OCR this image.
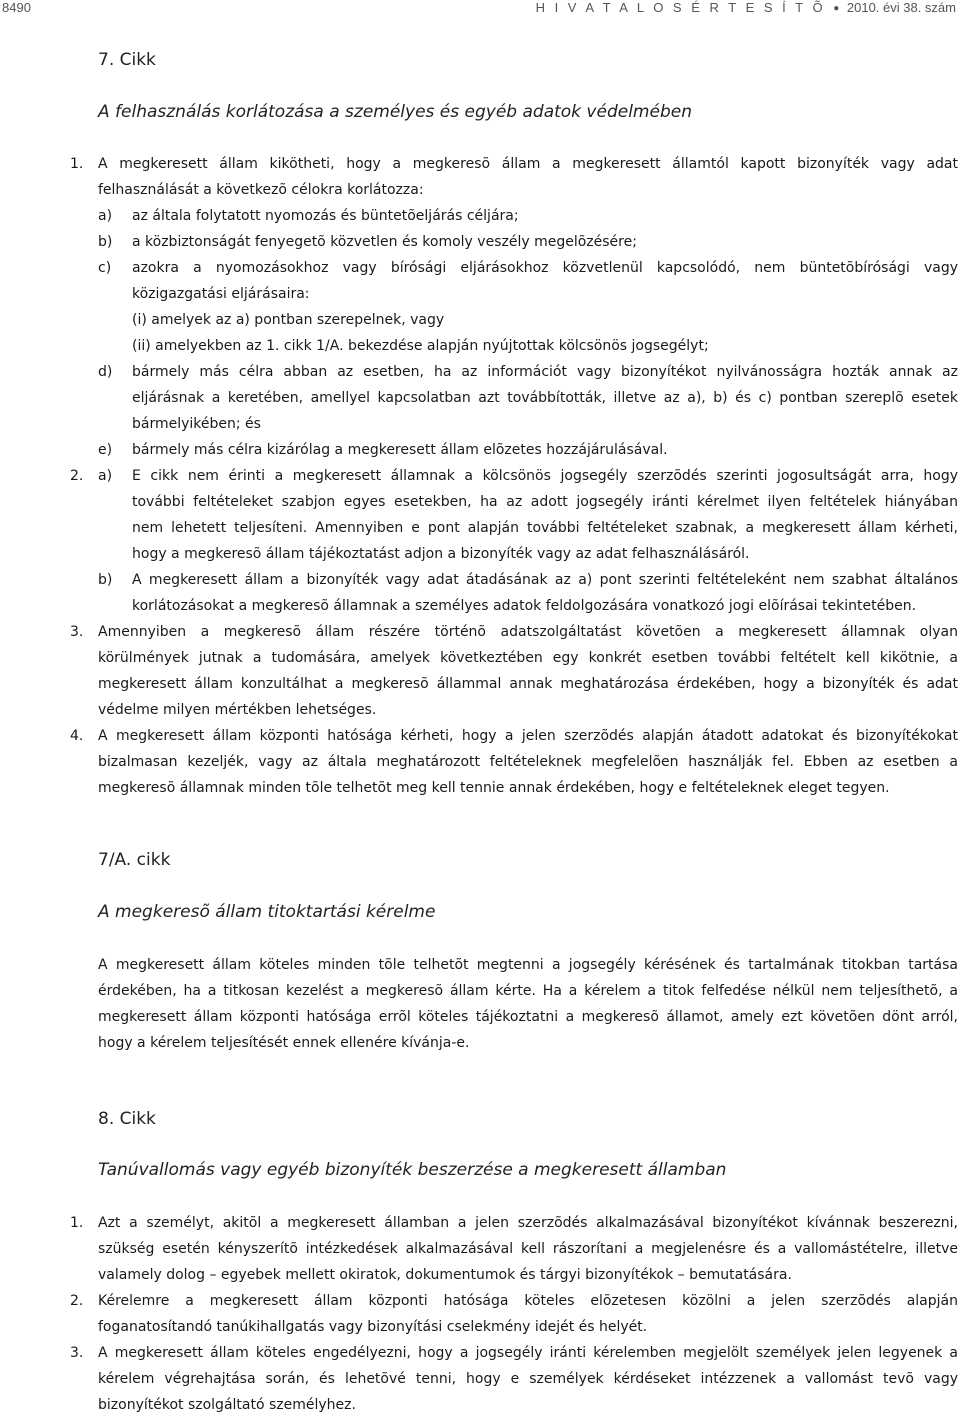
8490	H I V A T A L O S É R T E S Í T Õ ● 2010. évi 38. szám
7. Cikk
A felhasználás korlátozása a személyes és egyéb adatok védelmében
1. A megkeresett állam kikötheti, hogy a megkeresõ állam a megkeresett államtól kapott bizonyíték vagy adat
felhasználását a következõ célokra korlátozza:
a)	az általa folytatott nyomozás és büntetõeljárás céljára;
b)	a közbiztonságát fenyegetõ közvetlen és komoly veszély megelõzésére;
c)	azokra a nyomozásokhoz vagy bírósági eljárásokhoz közvetlenül kapcsolódó, nem büntetõbírósági vagy
közigazgatási eljárásaira:
(i) amelyek az a) pontban szerepelnek, vagy
(ii) amelyekben az 1. cikk 1/A. bekezdése alapján nyújtottak kölcsönös jogsegélyt;
d)	bármely más célra abban az esetben, ha az információt vagy bizonyítékot nyilvánosságra hozták annak az
eljárásnak a keretében, amellyel kapcsolatban azt továbbították, illetve az a), b) és c) pontban szereplõ esetek
bármelyikében; és
e)	bármely más célra kizárólag a megkeresett állam elõzetes hozzájárulásával.
2. a)	E cikk nem érinti a megkeresett államnak a kölcsönös jogsegély szerzõdés szerinti jogosultságát arra, hogy
további feltételeket szabjon egyes esetekben, ha az adott jogsegély iránti kérelmet ilyen feltételek hiányában
nem lehetett teljesíteni. Amennyiben e pont alapján további feltételeket szabnak, a megkeresett állam kérheti,
hogy a megkeresõ állam tájékoztatást adjon a bizonyíték vagy az adat felhasználásáról.
b)	A megkeresett állam a bizonyíték vagy adat átadásának az a) pont szerinti feltételeként nem szabhat általános
korlátozásokat a megkeresõ államnak a személyes adatok feldolgozására vonatkozó jogi elõírásai tekintetében.
3. Amennyiben a megkeresõ állam részére történõ adatszolgáltatást követõen a megkeresett államnak olyan
körülmények jutnak a tudomására, amelyek következtében egy konkrét esetben további feltételt kell kikötnie, a
megkeresett állam konzultálhat a megkeresõ állammal annak meghatározása érdekében, hogy a bizonyíték és adat
védelme milyen mértékben lehetséges.
4. A megkeresett állam központi hatósága kérheti, hogy a jelen szerzõdés alapján átadott adatokat és bizonyítékokat
bizalmasan kezeljék, vagy az általa meghatározott feltételeknek megfelelõen használják fel. Ebben az esetben a
megkeresõ államnak minden tõle telhetõt meg kell tennie annak érdekében, hogy e feltételeknek eleget tegyen.
7/A. cikk
A megkeresõ állam titoktartási kérelme
A megkeresett állam köteles minden tõle telhetõt megtenni a jogsegély kérésének és tartalmának titokban tartása
érdekében, ha a titkosan kezelést a megkeresõ állam kérte. Ha a kérelem a titok felfedése nélkül nem teljesíthetõ, a
megkeresett állam központi hatósága errõl köteles tájékoztatni a megkeresõ államot, amely ezt követõen dönt arról,
hogy a kérelem teljesítését ennek ellenére kívánja-e.
8. Cikk
Tanúvallomás vagy egyéb bizonyíték beszerzése a megkeresett államban
1. Azt a személyt, akitõl a megkeresett államban a jelen szerzõdés alkalmazásával bizonyítékot kívánnak beszerezni,
szükség esetén kényszerítõ intézkedések alkalmazásával kell rászorítani a megjelenésre és a vallomástételre, illetve
valamely dolog – egyebek mellett okiratok, dokumentumok és tárgyi bizonyítékok – bemutatására.
2. Kérelemre a megkeresett állam központi hatósága köteles elõzetesen közölni a jelen szerzõdés alapján
foganatosítandó tanúkihallgatás vagy bizonyítási cselekmény idejét és helyét.
3. A megkeresett állam köteles engedélyezni, hogy a jogsegély iránti kérelemben megjelölt személyek jelen legyenek a
kérelem végrehajtása során, és lehetõvé tenni, hogy e személyek kérdéseket intézzenek a vallomást tevõ vagy
bizonyítékot szolgáltató személyhez.
